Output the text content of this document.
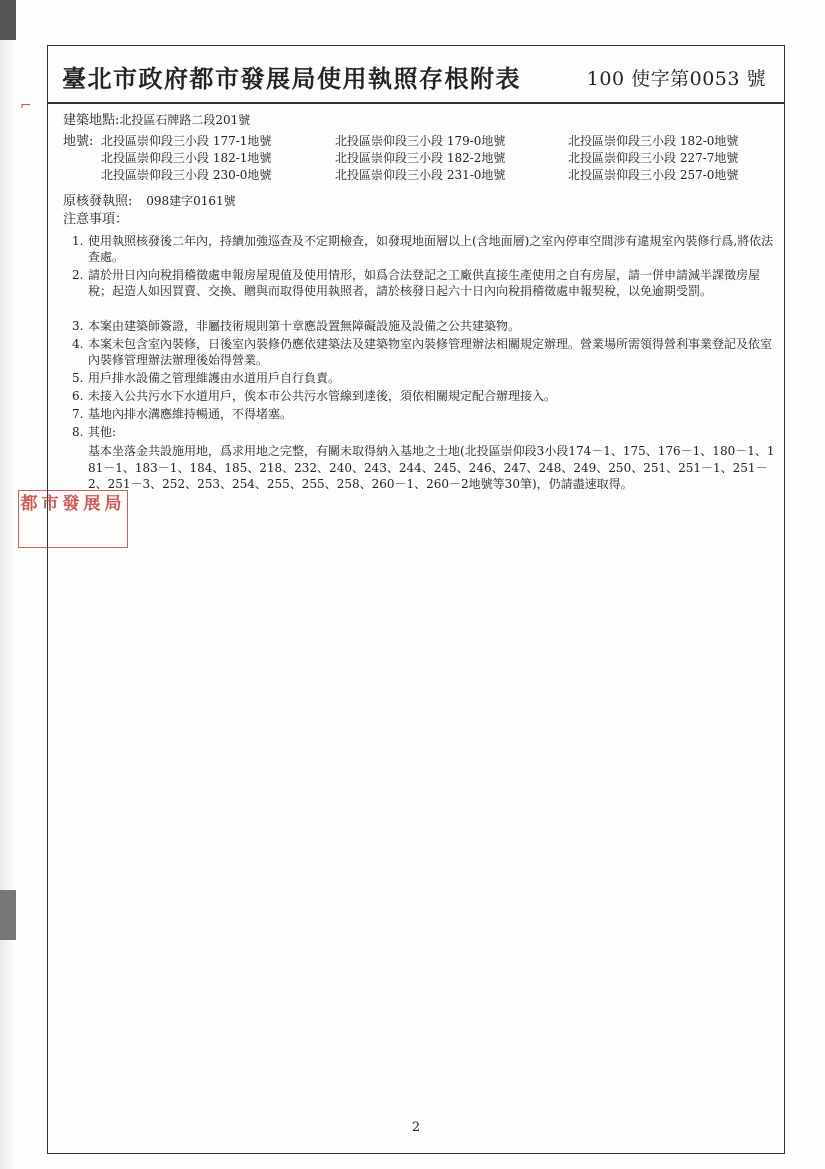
⌐
臺北市政府都市發展局使用執照存根附表	100 使字第0053 號
建築地點:北投區石牌路二段201號
地號: 北投區崇仰段三小段 177-1地號	北投區崇仰段三小段 179-0地號	北投區崇仰段三小段 182-0地號
北投區崇仰段三小段 182-1地號	北投區崇仰段三小段 182-2地號	北投區崇仰段三小段 227-7地號
北投區崇仰段三小段 230-0地號	北投區崇仰段三小段 231-0地號	北投區崇仰段三小段 257-0地號
原核發執照: 098建字0161號
注意事項：
1. 使用執照核發後二年內，持續加強巡查及不定期檢查，如發現地面層以上(含地面層)之室內停車空間涉有違規室內裝修行爲,將依法查處。
2. 請於卅日內向稅捐稽徵處申報房屋現值及使用情形，如爲合法登記之工廠供直接生產使用之自有房屋，請一併申請減半課徵房屋稅；起造人如因買賣、交換、贈與而取得使用執照者，請於核發日起六十日內向稅捐稽徵處申報契稅，以免逾期受罰。
3. 本案由建築師簽證，非屬技術規則第十章應設置無障礙設施及設備之公共建築物。
4. 本案未包含室內裝修，日後室內裝修仍應依建築法及建築物室內裝修管理辦法相關規定辦理。營業場所需領得營利事業登記及依室內裝修管理辦法辦理後始得營業。
5. 用戶排水設備之管理維護由水道用戶自行負責。
6. 未接入公共污水下水道用戶，俟本市公共污水管線到達後，須依相關規定配合辦理接入。
7. 基地內排水溝應維持暢通，不得堵塞。
8. 其他:
基本坐落金共設施用地，爲求用地之完整，有關未取得納入基地之土地(北投區崇仰段3小段174－1、175、176－1、180－1、181－1、183－1、184、185、218、232、240、243、244、245、246、247、248、249、250、251、251－1、251－2、251－3、252、253、254、255、255、258、260－1、260－2地號等30筆)，仍請盡速取得。
2
都市發展局
